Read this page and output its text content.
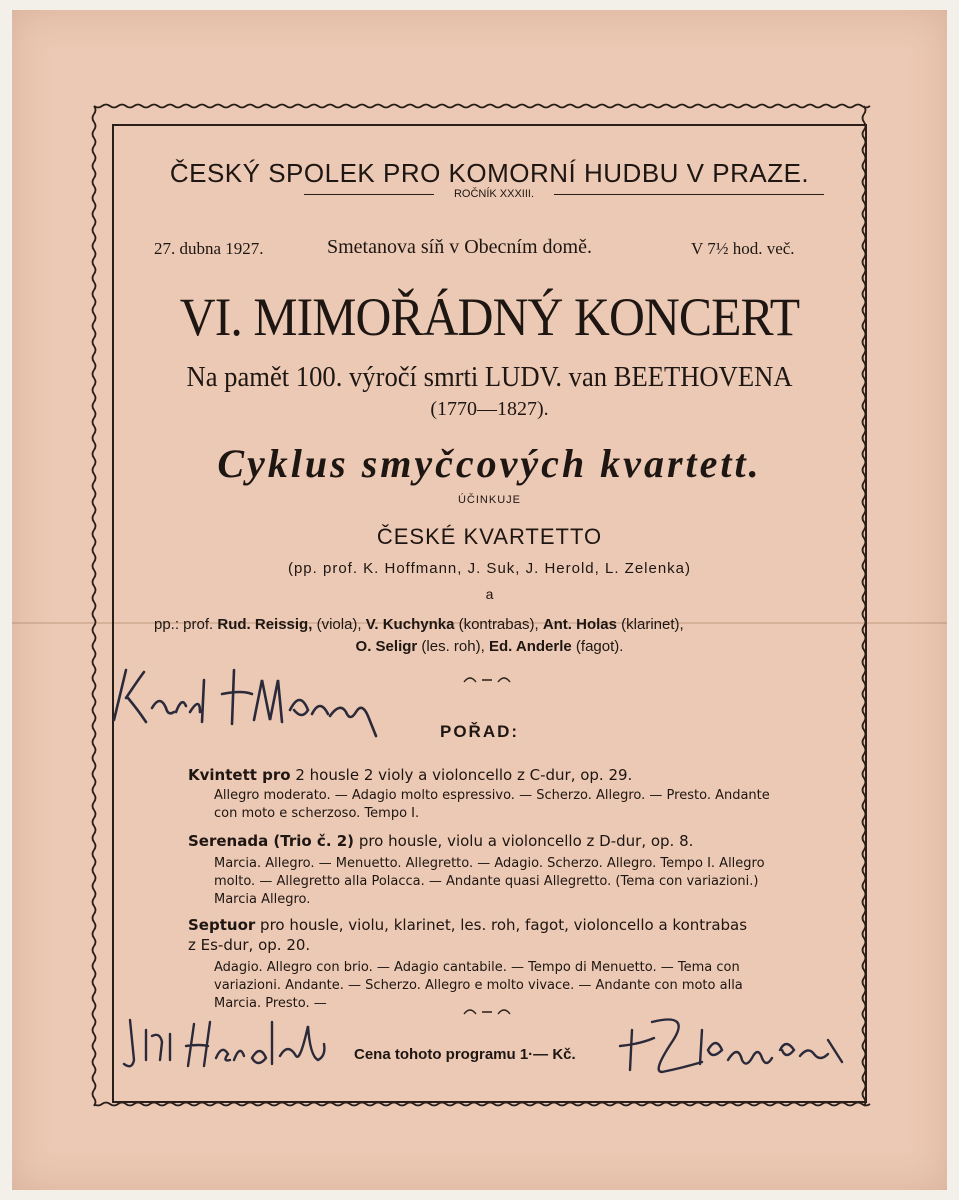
ČESKÝ SPOLEK PRO KOMORNÍ HUDBU V PRAZE.
ROČNÍK XXXIII.
27. dubna 1927.	Smetanova síň v Obecním domě.	V 7½ hod. več.
VI. MIMOŘÁDNÝ KONCERT
Na pamět 100. výročí smrti LUDV. van BEETHOVENA
(1770—1827).
Cyklus smyčcových kvartett.
ÚČINKUJE
ČESKÉ KVARTETTO
(pp. prof. K. Hoffmann, J. Suk, J. Herold, L. Zelenka)
a
pp.: prof. Rud. Reissig, (viola), V. Kuchynka (kontrabas), Ant. Holas (klarinet),
O. Seligr (les. roh), Ed. Anderle (fagot).
POŘAD:
Kvintett pro 2 housle 2 violy a violoncello z C-dur, op. 29.
Allegro moderato. — Adagio molto espressivo. — Scherzo. Allegro. — Presto. Andante
con moto e scherzoso. Tempo I.
Serenada (Trio č. 2) pro housle, violu a violoncello z D-dur, op. 8.
Marcia. Allegro. — Menuetto. Allegretto. — Adagio. Scherzo. Allegro. Tempo I. Allegro
molto. — Allegretto alla Polacca. — Andante quasi Allegretto. (Tema con variazioni.)
Marcia Allegro.
Septuor pro housle, violu, klarinet, les. roh, fagot, violoncello a kontrabas
z Es-dur, op. 20.
Adagio. Allegro con brio. — Adagio cantabile. — Tempo di Menuetto. — Tema con
variazioni. Andante. — Scherzo. Allegro e molto vivace. — Andante con moto alla
Marcia. Presto. —
Cena tohoto programu 1·— Kč.
